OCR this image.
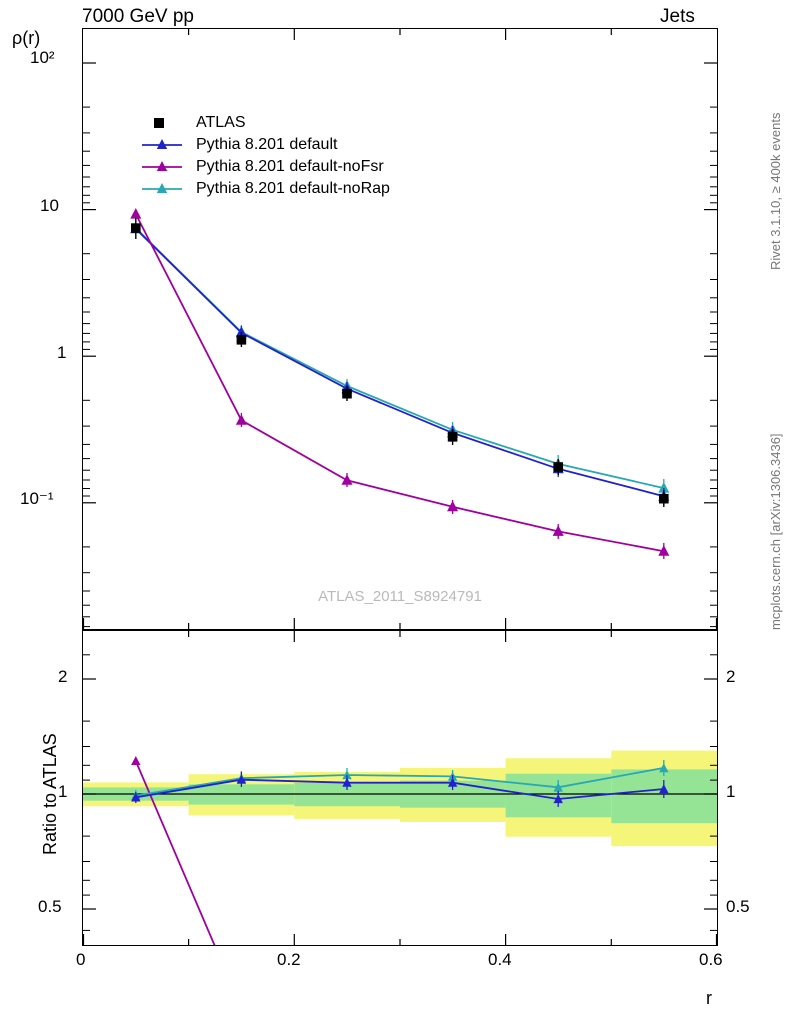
7000 GeV pp	Jets
Rivet 3.1.10, ≥ 400k events
mcplots.cern.ch [arXiv:1306.3436]
ρ(r)
ATLAS_2011_S8924791
10²
10
1
10⁻¹
ATLAS
Pythia 8.201 default
Pythia 8.201 default-noFsr
Pythia 8.201 default-noRap
Ratio to ATLAS
2
1
0.5
2
1
0.5
0	0.2	0.4	0.6
r
